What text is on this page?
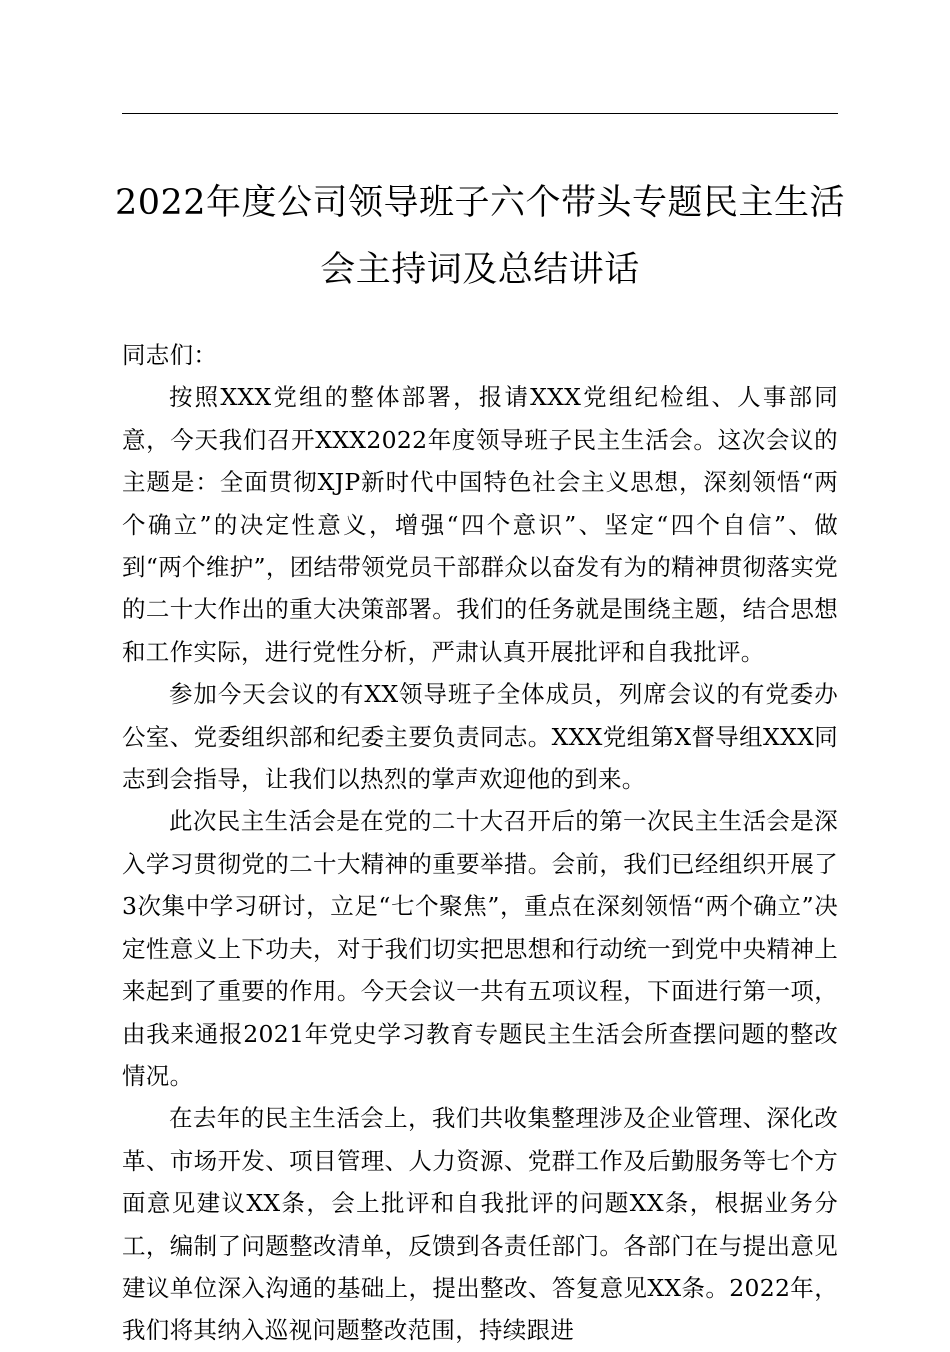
2022年度公司领导班子六个带头专题民主生活
会主持词及总结讲话

同志们：

按照XXX党组的整体部署，报请XXX党组纪检组、人事部同意，今天我们召开XXX2022年度领导班子民主生活会。这次会议的主题是：全面贯彻XJP新时代中国特色社会主义思想，深刻领悟“两个确立”的决定性意义，增强“四个意识”、坚定“四个自信”、做到“两个维护”，团结带领党员干部群众以奋发有为的精神贯彻落实党的二十大作出的重大决策部署。我们的任务就是围绕主题，结合思想和工作实际，进行党性分析，严肃认真开展批评和自我批评。

参加今天会议的有XX领导班子全体成员，列席会议的有党委办公室、党委组织部和纪委主要负责同志。XXX党组第X督导组XXX同志到会指导，让我们以热烈的掌声欢迎他的到来。

此次民主生活会是在党的二十大召开后的第一次民主生活会是深入学习贯彻党的二十大精神的重要举措。会前，我们已经组织开展了3次集中学习研讨，立足“七个聚焦”，重点在深刻领悟“两个确立”决定性意义上下功夫，对于我们切实把思想和行动统一到党中央精神上来起到了重要的作用。今天会议一共有五项议程，下面进行第一项，由我来通报2021年党史学习教育专题民主生活会所查摆问题的整改情况。

在去年的民主生活会上，我们共收集整理涉及企业管理、深化改革、市场开发、项目管理、人力资源、党群工作及后勤服务等七个方面意见建议XX条，会上批评和自我批评的问题XX条，根据业务分工，编制了问题整改清单，反馈到各责任部门。各部门在与提出意见建议单位深入沟通的基础上，提出整改、答复意见XX条。2022年，我们将其纳入巡视问题整改范围，持续跟进
